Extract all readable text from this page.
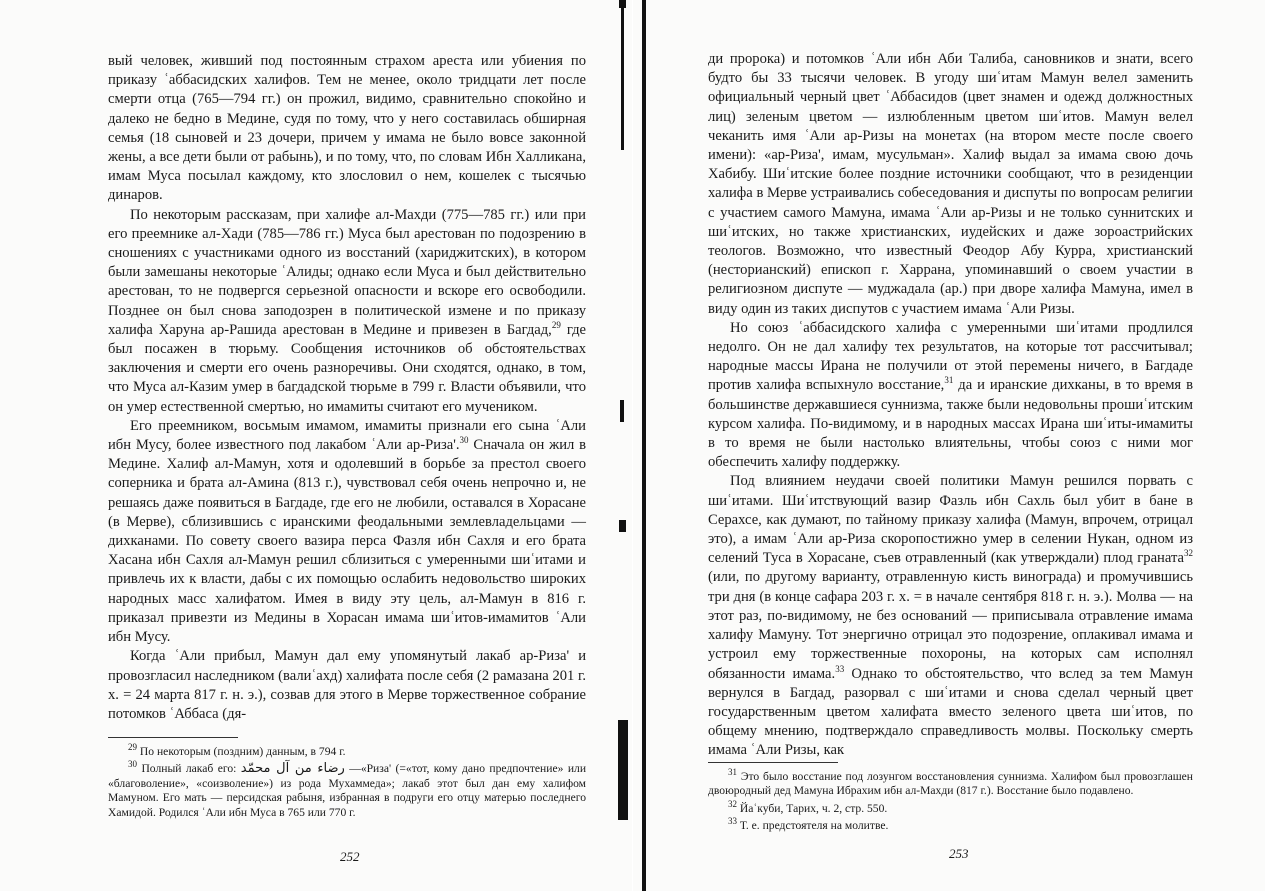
вый человек, живший под постоянным страхом ареста или убиения по приказу ʿаббасидских халифов. Тем не менее, около тридцати лет после смерти отца (765—794 гг.) он прожил, видимо, сравнительно спокойно и далеко не бедно в Медине, судя по тому, что у него составилась обширная семья (18 сыновей и 23 дочери, причем у имама не было вовсе законной жены, а все дети были от рабынь), и по тому, что, по словам Ибн Халликана, имам Муса посылал каждому, кто злословил о нем, кошелек с тысячью динаров.

По некоторым рассказам, при халифе ал-Махди (775—785 гг.) или при его преемнике ал-Хади (785—786 гг.) Муса был арестован по подозрению в сношениях с участниками одного из восстаний (хариджитских), в котором были замешаны некоторые ʿАлиды; однако если Муса и был действительно арестован, то не подвергся серьезной опасности и вскоре его освободили. Позднее он был снова заподозрен в политической измене и по приказу халифа Харуна ар-Рашида арестован в Медине и привезен в Багдад,$^{29}$ где был посажен в тюрьму. Сообщения источников об обстоятельствах заключения и смерти его очень разноречивы. Они сходятся, однако, в том, что Муса ал-Казим умер в багдадской тюрьме в 799 г. Власти объявили, что он умер естественной смертью, но имамиты считают его мучеником.

Его преемником, восьмым имамом, имамиты признали его сына ʿАли ибн Мусу, более известного под лакабом ʿАли ар-Риза'.$^{30}$ Сначала он жил в Медине. Халиф ал-Мамун, хотя и одолевший в борьбе за престол своего соперника и брата ал-Амина (813 г.), чувствовал себя очень непрочно и, не решаясь даже появиться в Багдаде, где его не любили, оставался в Хорасане (в Мерве), сблизившись с иранскими феодальными землевладельцами — дихканами. По совету своего вазира перса Фазля ибн Сахля и его брата Хасана ибн Сахля ал-Мамун решил сблизиться с умеренными шиʿитами и привлечь их к власти, дабы с их помощью ослабить недовольство широких народных масс халифатом. Имея в виду эту цель, ал-Мамун в 816 г. приказал привезти из Медины в Хорасан имама шиʿитов-имамитов ʿАли ибн Мусу.

Когда ʿАли прибыл, Мамун дал ему упомянутый лакаб ар-Риза' и провозгласил наследником (валиʿахд) халифата после себя (2 рамазана 201 г. х. = 24 марта 817 г. н. э.), созвав для этого в Мерве торжественное собрание потомков ʿАббаса (дя-

$^{29}$ По некоторым (поздним) данным, в 794 г.

$^{30}$ Полный лакаб его: رضاء من آل محمّد —«Риза' (=«тот, кому дано предпочтение» или «благоволение», «соизволение») из рода Мухаммеда»; лакаб этот был дан ему халифом Мамуном. Его мать — персидская рабыня, избранная в подруги его отцу матерью последнего Хамидой. Родился ʿАли ибн Муса в 765 или 770 г.

252

ди пророка) и потомков ʿАли ибн Аби Талиба, сановников и знати, всего будто бы 33 тысячи человек. В угоду шиʿитам Мамун велел заменить официальный черный цвет ʿАббасидов (цвет знамен и одежд должностных лиц) зеленым цветом — излюбленным цветом шиʿитов. Мамун велел чеканить имя ʿАли ар-Ризы на монетах (на втором месте после своего имени): «ар-Риза', имам, мусульман». Халиф выдал за имама свою дочь Хабибу. Шиʿитские более поздние источники сообщают, что в резиденции халифа в Мерве устраивались собеседования и диспуты по вопросам религии с участием самого Мамуна, имама ʿАли ар-Ризы и не только суннитских и шиʿитских, но также христианских, иудейских и даже зороастрийских теологов. Возможно, что известный Феодор Абу Курра, христианский (несторианский) епископ г. Харрана, упоминавший о своем участии в религиозном диспуте — муджадала (ар.) при дворе халифа Мамуна, имел в виду один из таких диспутов с участием имама ʿАли Ризы.

Но союз ʿаббасидского халифа с умеренными шиʿитами продлился недолго. Он не дал халифу тех результатов, на которые тот рассчитывал; народные массы Ирана не получили от этой перемены ничего, в Багдаде против халифа вспыхнуло восстание,$^{31}$ да и иранские дихканы, в то время в большинстве державшиеся суннизма, также были недовольны прошиʿитским курсом халифа. По-видимому, и в народных массах Ирана шиʿиты-имамиты в то время не были настолько влиятельны, чтобы союз с ними мог обеспечить халифу поддержку.

Под влиянием неудачи своей политики Мамун решился порвать с шиʿитами. Шиʿитствующий вазир Фазль ибн Сахль был убит в бане в Серахсе, как думают, по тайному приказу халифа (Мамун, впрочем, отрицал это), а имам ʿАли ар-Риза скоропостижно умер в селении Нукан, одном из селений Туса в Хорасане, съев отравленный (как утверждали) плод граната$^{32}$ (или, по другому варианту, отравленную кисть винограда) и промучившись три дня (в конце сафара 203 г. х. = в начале сентября 818 г. н. э.). Молва — на этот раз, по-видимому, не без оснований — приписывала отравление имама халифу Мамуну. Тот энергично отрицал это подозрение, оплакивал имама и устроил ему торжественные похороны, на которых сам исполнял обязанности имама.$^{33}$ Однако то обстоятельство, что вслед за тем Мамун вернулся в Багдад, разорвал с шиʿитами и снова сделал черный цвет государственным цветом халифата вместо зеленого цвета шиʿитов, по общему мнению, подтверждало справедливость молвы. Поскольку смерть имама ʿАли Ризы, как

$^{31}$ Это было восстание под лозунгом восстановления суннизма. Халифом был провозглашен двоюродный дед Мамуна Ибрахим ибн ал-Махди (817 г.). Восстание было подавлено.

$^{32}$ Йаʿкуби, Тарих, ч. 2, стр. 550.

$^{33}$ Т. е. предстоятеля на молитве.

253
